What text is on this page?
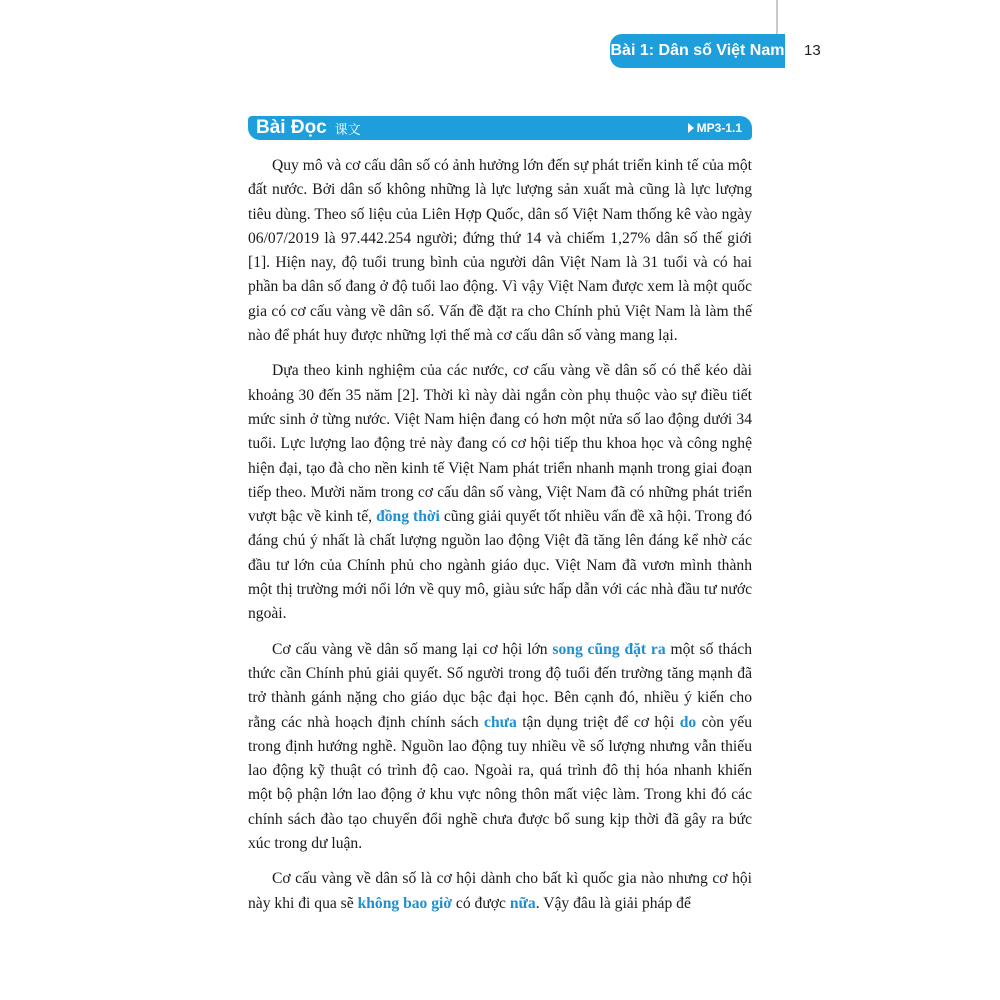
Bài 1: Dân số Việt Nam 13
Bài Đọc 课文	MP3-1.1

Quy mô và cơ cấu dân số có ảnh hưởng lớn đến sự phát triển kinh tế của một đất nước. Bởi dân số không những là lực lượng sản xuất mà cũng là lực lượng tiêu dùng. Theo số liệu của Liên Hợp Quốc, dân số Việt Nam thống kê vào ngày 06/07/2019 là 97.442.254 người; đứng thứ 14 và chiếm 1,27% dân số thế giới [1]. Hiện nay, độ tuổi trung bình của người dân Việt Nam là 31 tuổi và có hai phần ba dân số đang ở độ tuổi lao động. Vì vậy Việt Nam được xem là một quốc gia có cơ cấu vàng về dân số. Vấn đề đặt ra cho Chính phủ Việt Nam là làm thế nào để phát huy được những lợi thế mà cơ cấu dân số vàng mang lại.

Dựa theo kinh nghiệm của các nước, cơ cấu vàng về dân số có thể kéo dài khoảng 30 đến 35 năm [2]. Thời kì này dài ngắn còn phụ thuộc vào sự điều tiết mức sinh ở từng nước. Việt Nam hiện đang có hơn một nửa số lao động dưới 34 tuổi. Lực lượng lao động trẻ này đang có cơ hội tiếp thu khoa học và công nghệ hiện đại, tạo đà cho nền kinh tế Việt Nam phát triển nhanh mạnh trong giai đoạn tiếp theo. Mười năm trong cơ cấu dân số vàng, Việt Nam đã có những phát triển vượt bậc về kinh tế, đồng thời cũng giải quyết tốt nhiều vấn đề xã hội. Trong đó đáng chú ý nhất là chất lượng nguồn lao động Việt đã tăng lên đáng kể nhờ các đầu tư lớn của Chính phủ cho ngành giáo dục. Việt Nam đã vươn mình thành một thị trường mới nổi lớn về quy mô, giàu sức hấp dẫn với các nhà đầu tư nước ngoài.

Cơ cấu vàng về dân số mang lại cơ hội lớn song cũng đặt ra một số thách thức cần Chính phủ giải quyết. Số người trong độ tuổi đến trường tăng mạnh đã trở thành gánh nặng cho giáo dục bậc đại học. Bên cạnh đó, nhiều ý kiến cho rằng các nhà hoạch định chính sách chưa tận dụng triệt để cơ hội do còn yếu trong định hướng nghề. Nguồn lao động tuy nhiều về số lượng nhưng vẫn thiếu lao động kỹ thuật có trình độ cao. Ngoài ra, quá trình đô thị hóa nhanh khiến một bộ phận lớn lao động ở khu vực nông thôn mất việc làm. Trong khi đó các chính sách đào tạo chuyển đổi nghề chưa được bổ sung kịp thời đã gây ra bức xúc trong dư luận.

Cơ cấu vàng về dân số là cơ hội dành cho bất kì quốc gia nào nhưng cơ hội này khi đi qua sẽ không bao giờ có được nữa. Vậy đâu là giải pháp để
